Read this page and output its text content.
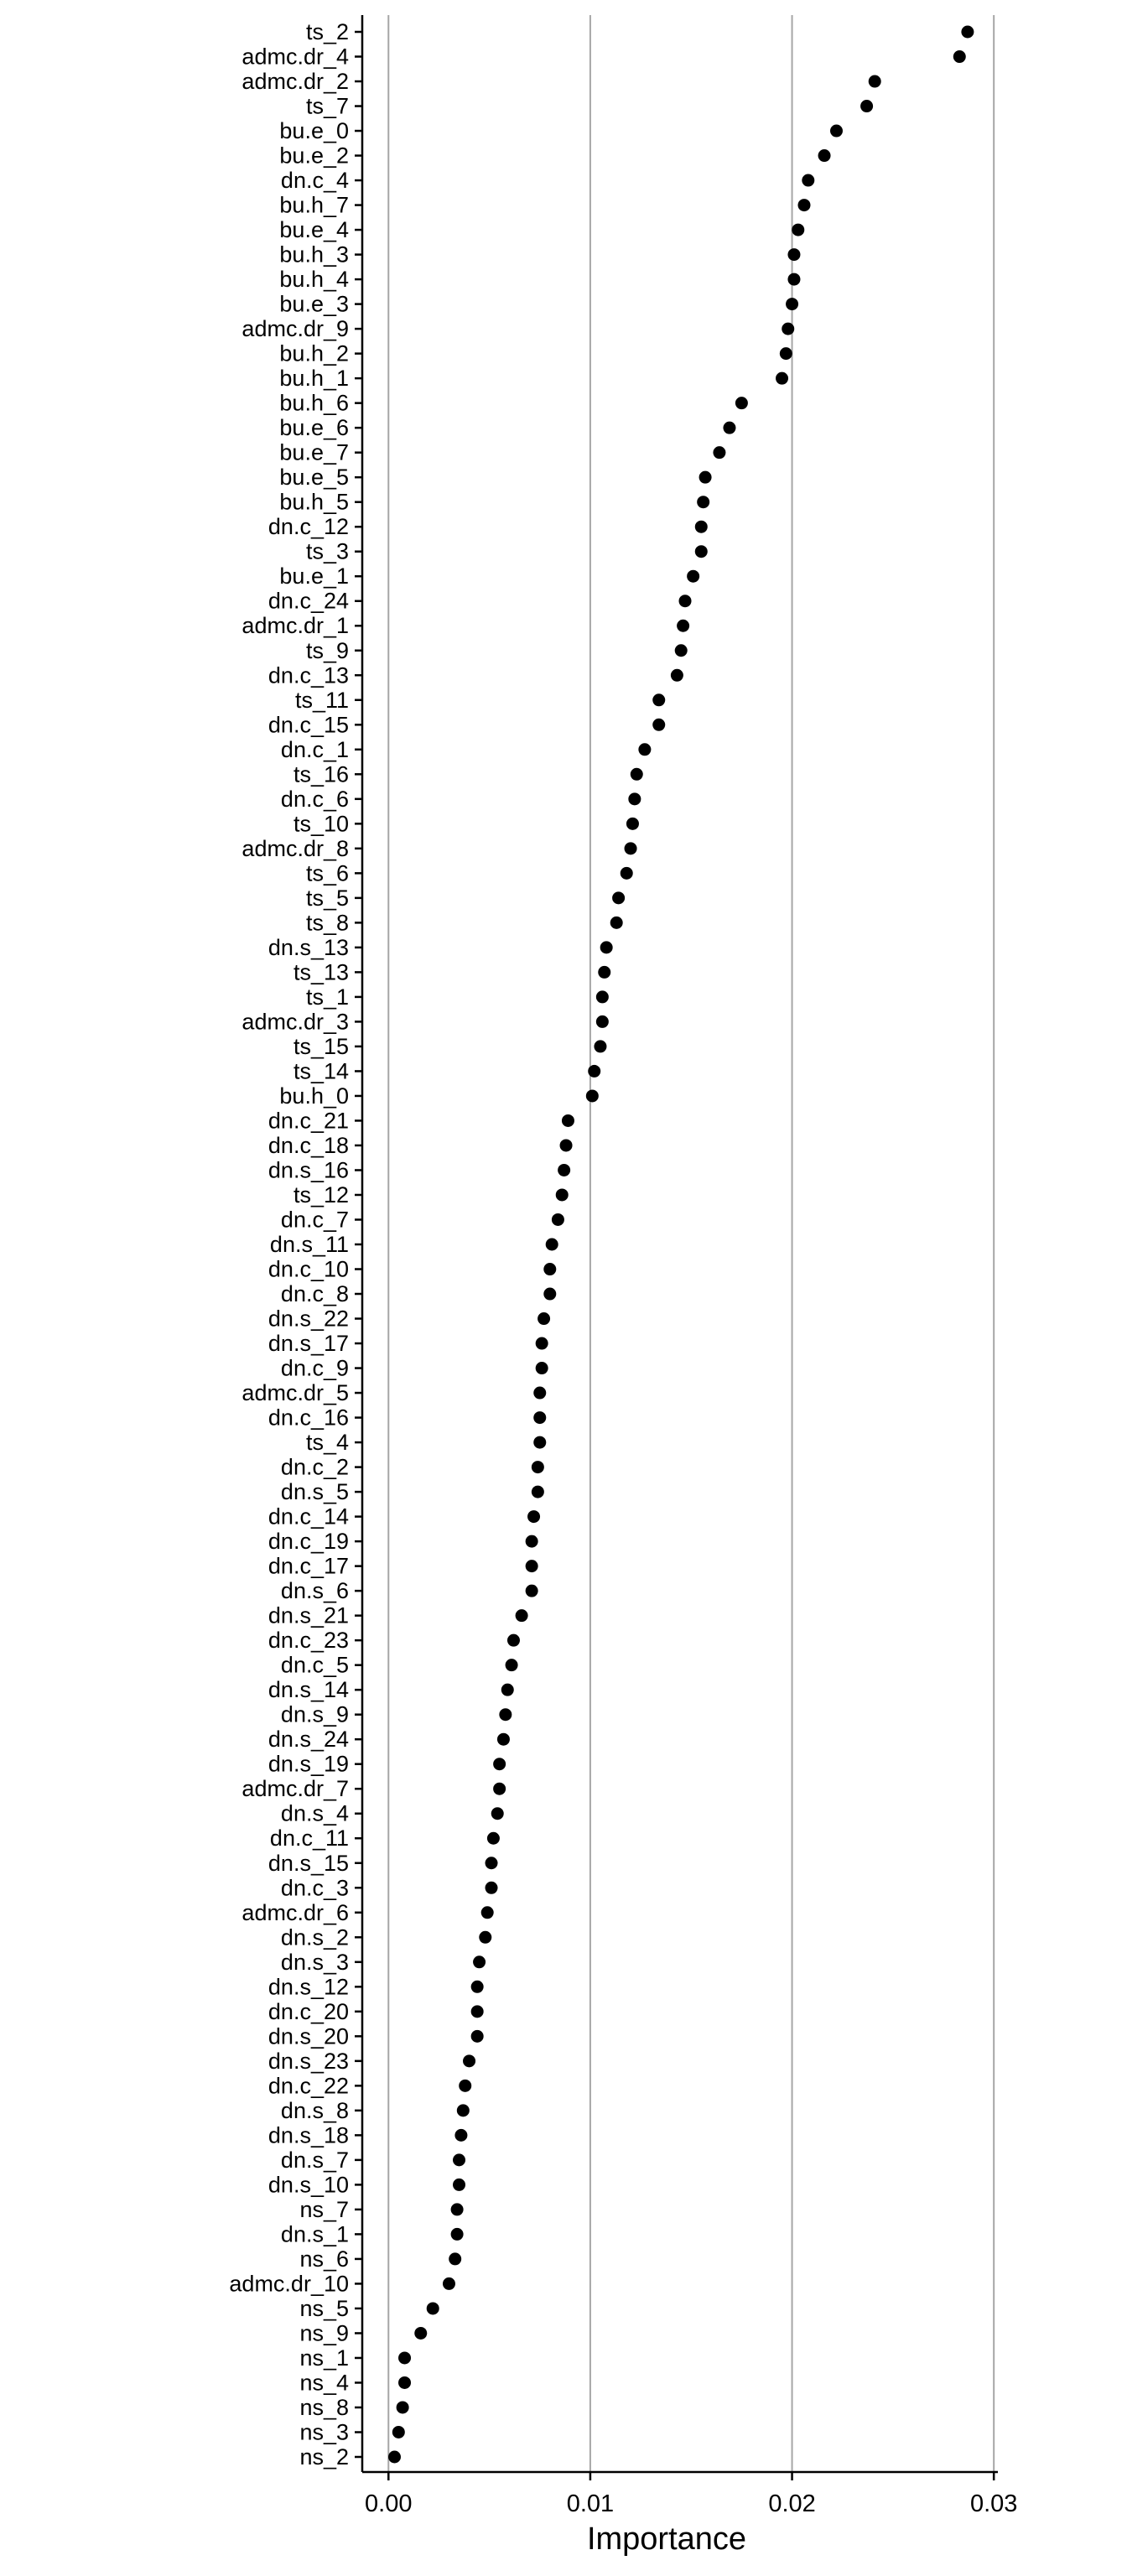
ts_2
admc.dr_4
admc.dr_2
ts_7
bu.e_0
bu.e_2
dn.c_4
bu.h_7
bu.e_4
bu.h_3
bu.h_4
bu.e_3
admc.dr_9
bu.h_2
bu.h_1
bu.h_6
bu.e_6
bu.e_7
bu.e_5
bu.h_5
dn.c_12
ts_3
bu.e_1
dn.c_24
admc.dr_1
ts_9
dn.c_13
ts_11
dn.c_15
dn.c_1
ts_16
dn.c_6
ts_10
admc.dr_8
ts_6
ts_5
ts_8
dn.s_13
ts_13
ts_1
admc.dr_3
ts_15
ts_14
bu.h_0
dn.c_21
dn.c_18
dn.s_16
ts_12
dn.c_7
dn.s_11
dn.c_10
dn.c_8
dn.s_22
dn.s_17
dn.c_9
admc.dr_5
dn.c_16
ts_4
dn.c_2
dn.s_5
dn.c_14
dn.c_19
dn.c_17
dn.s_6
dn.s_21
dn.c_23
dn.c_5
dn.s_14
dn.s_9
dn.s_24
dn.s_19
admc.dr_7
dn.s_4
dn.c_11
dn.s_15
dn.c_3
admc.dr_6
dn.s_2
dn.s_3
dn.s_12
dn.c_20
dn.s_20
dn.s_23
dn.c_22
dn.s_8
dn.s_18
dn.s_7
dn.s_10
ns_7
dn.s_1
ns_6
admc.dr_10
ns_5
ns_9
ns_1
ns_4
ns_8
ns_3
ns_2
0.00	0.01	0.02	0.03
Importance
